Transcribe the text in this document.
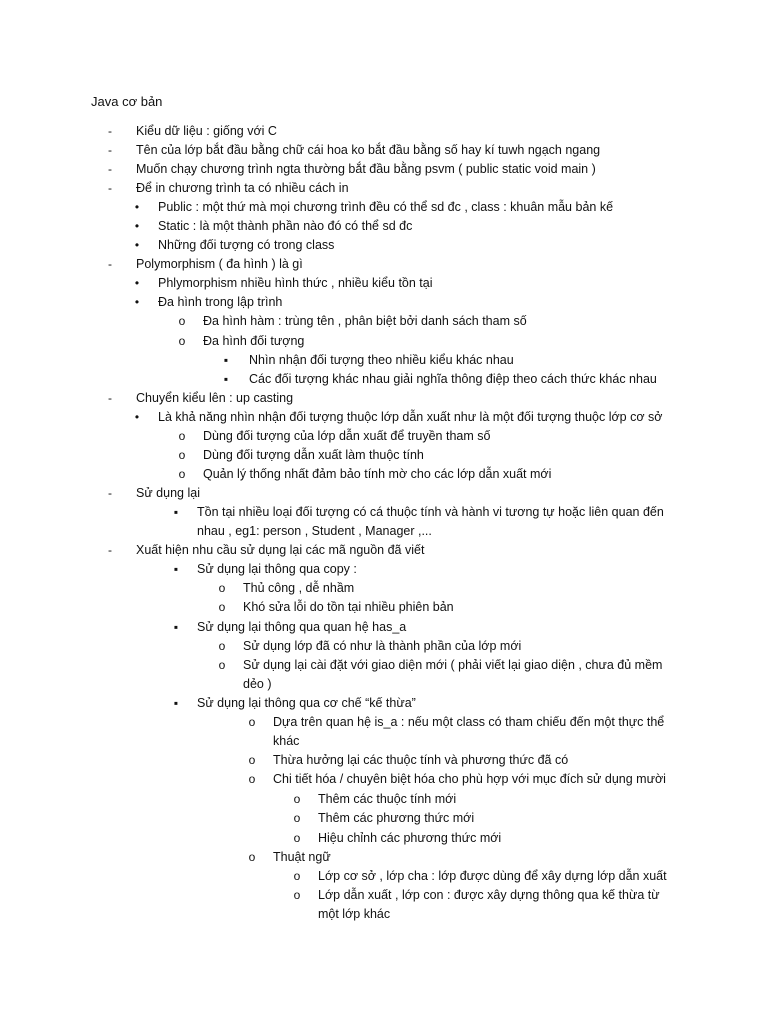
Java cơ bản
-	Kiểu dữ liệu : giống với C
-	Tên của lớp bắt đầu bằng chữ cái hoa ko bắt đầu bằng số hay kí tuwh ngạch ngang
-	Muốn chạy chương trình ngta thường bắt đầu bằng psvm ( public static void main )
-	Để in chương trình ta có nhiều cách in
•	Public : một thứ mà mọi chương trình đều có thể sd đc , class : khuân mẫu bản kế
•	Static : là một thành phần nào đó có thể sd đc
•	Những đối tượng có trong class
-	Polymorphism ( đa hình ) là gì
•	Phlymorphism nhiều hình thức , nhiều kiểu tồn tại
•	Đa hình trong lập trình
o Đa hình hàm : trùng tên , phân biệt bởi danh sách tham số
o Đa hình đối tượng
▪	Nhìn nhận đối tượng theo nhiều kiểu khác nhau
▪	Các đối tượng khác nhau giải nghĩa thông điệp theo cách thức khác nhau
-	Chuyển kiểu lên : up casting
•	Là khả năng nhìn nhận đối tượng thuộc lớp dẫn xuất như là một đối tượng thuộc lớp cơ sở
o Dùng đối tượng của lớp dẫn xuất để truyền tham số
o Dùng đối tượng dẫn xuất làm thuộc tính
o Quản lý thống nhất đảm bảo tính mờ cho các lớp dẫn xuất mới
-	Sử dụng lại
▪	Tồn tại nhiều loại đối tượng có cá thuộc tính và hành vi tương tự hoặc liên quan đến
nhau , eg1: person , Student , Manager ,...
-	Xuất hiện nhu cầu sử dụng lại các mã nguồn đã viết
▪	Sử dụng lại thông qua copy :
o Thủ công , dễ nhầm
o Khó sửa lỗi do tồn tại nhiều phiên bản
▪	Sử dụng lại thông qua quan hệ has_a
o Sử dụng lớp đã có như là thành phần của lớp mới
o Sử dụng lại cài đặt với giao diện mới ( phải viết lại giao diện , chưa đủ mềm
dẻo )
▪	Sử dụng lại thông qua cơ chế “kế thừa”
o Dựa trên quan hệ is_a : nếu một class có tham chiếu đến một thực thể
khác
o Thừa hưởng lại các thuộc tính và phương thức đã có
o Chi tiết hóa / chuyên biệt hóa cho phù hợp với mục đích sử dụng mười
o Thêm các thuộc tính mới
o Thêm các phương thức mới
o Hiệu chỉnh các phương thức mới
o Thuật ngữ
o Lớp cơ sở , lớp cha : lớp được dùng để xây dựng lớp dẫn xuất
o Lớp dẫn xuất , lớp con : được xây dựng thông qua kế thừa từ
một lớp khác
